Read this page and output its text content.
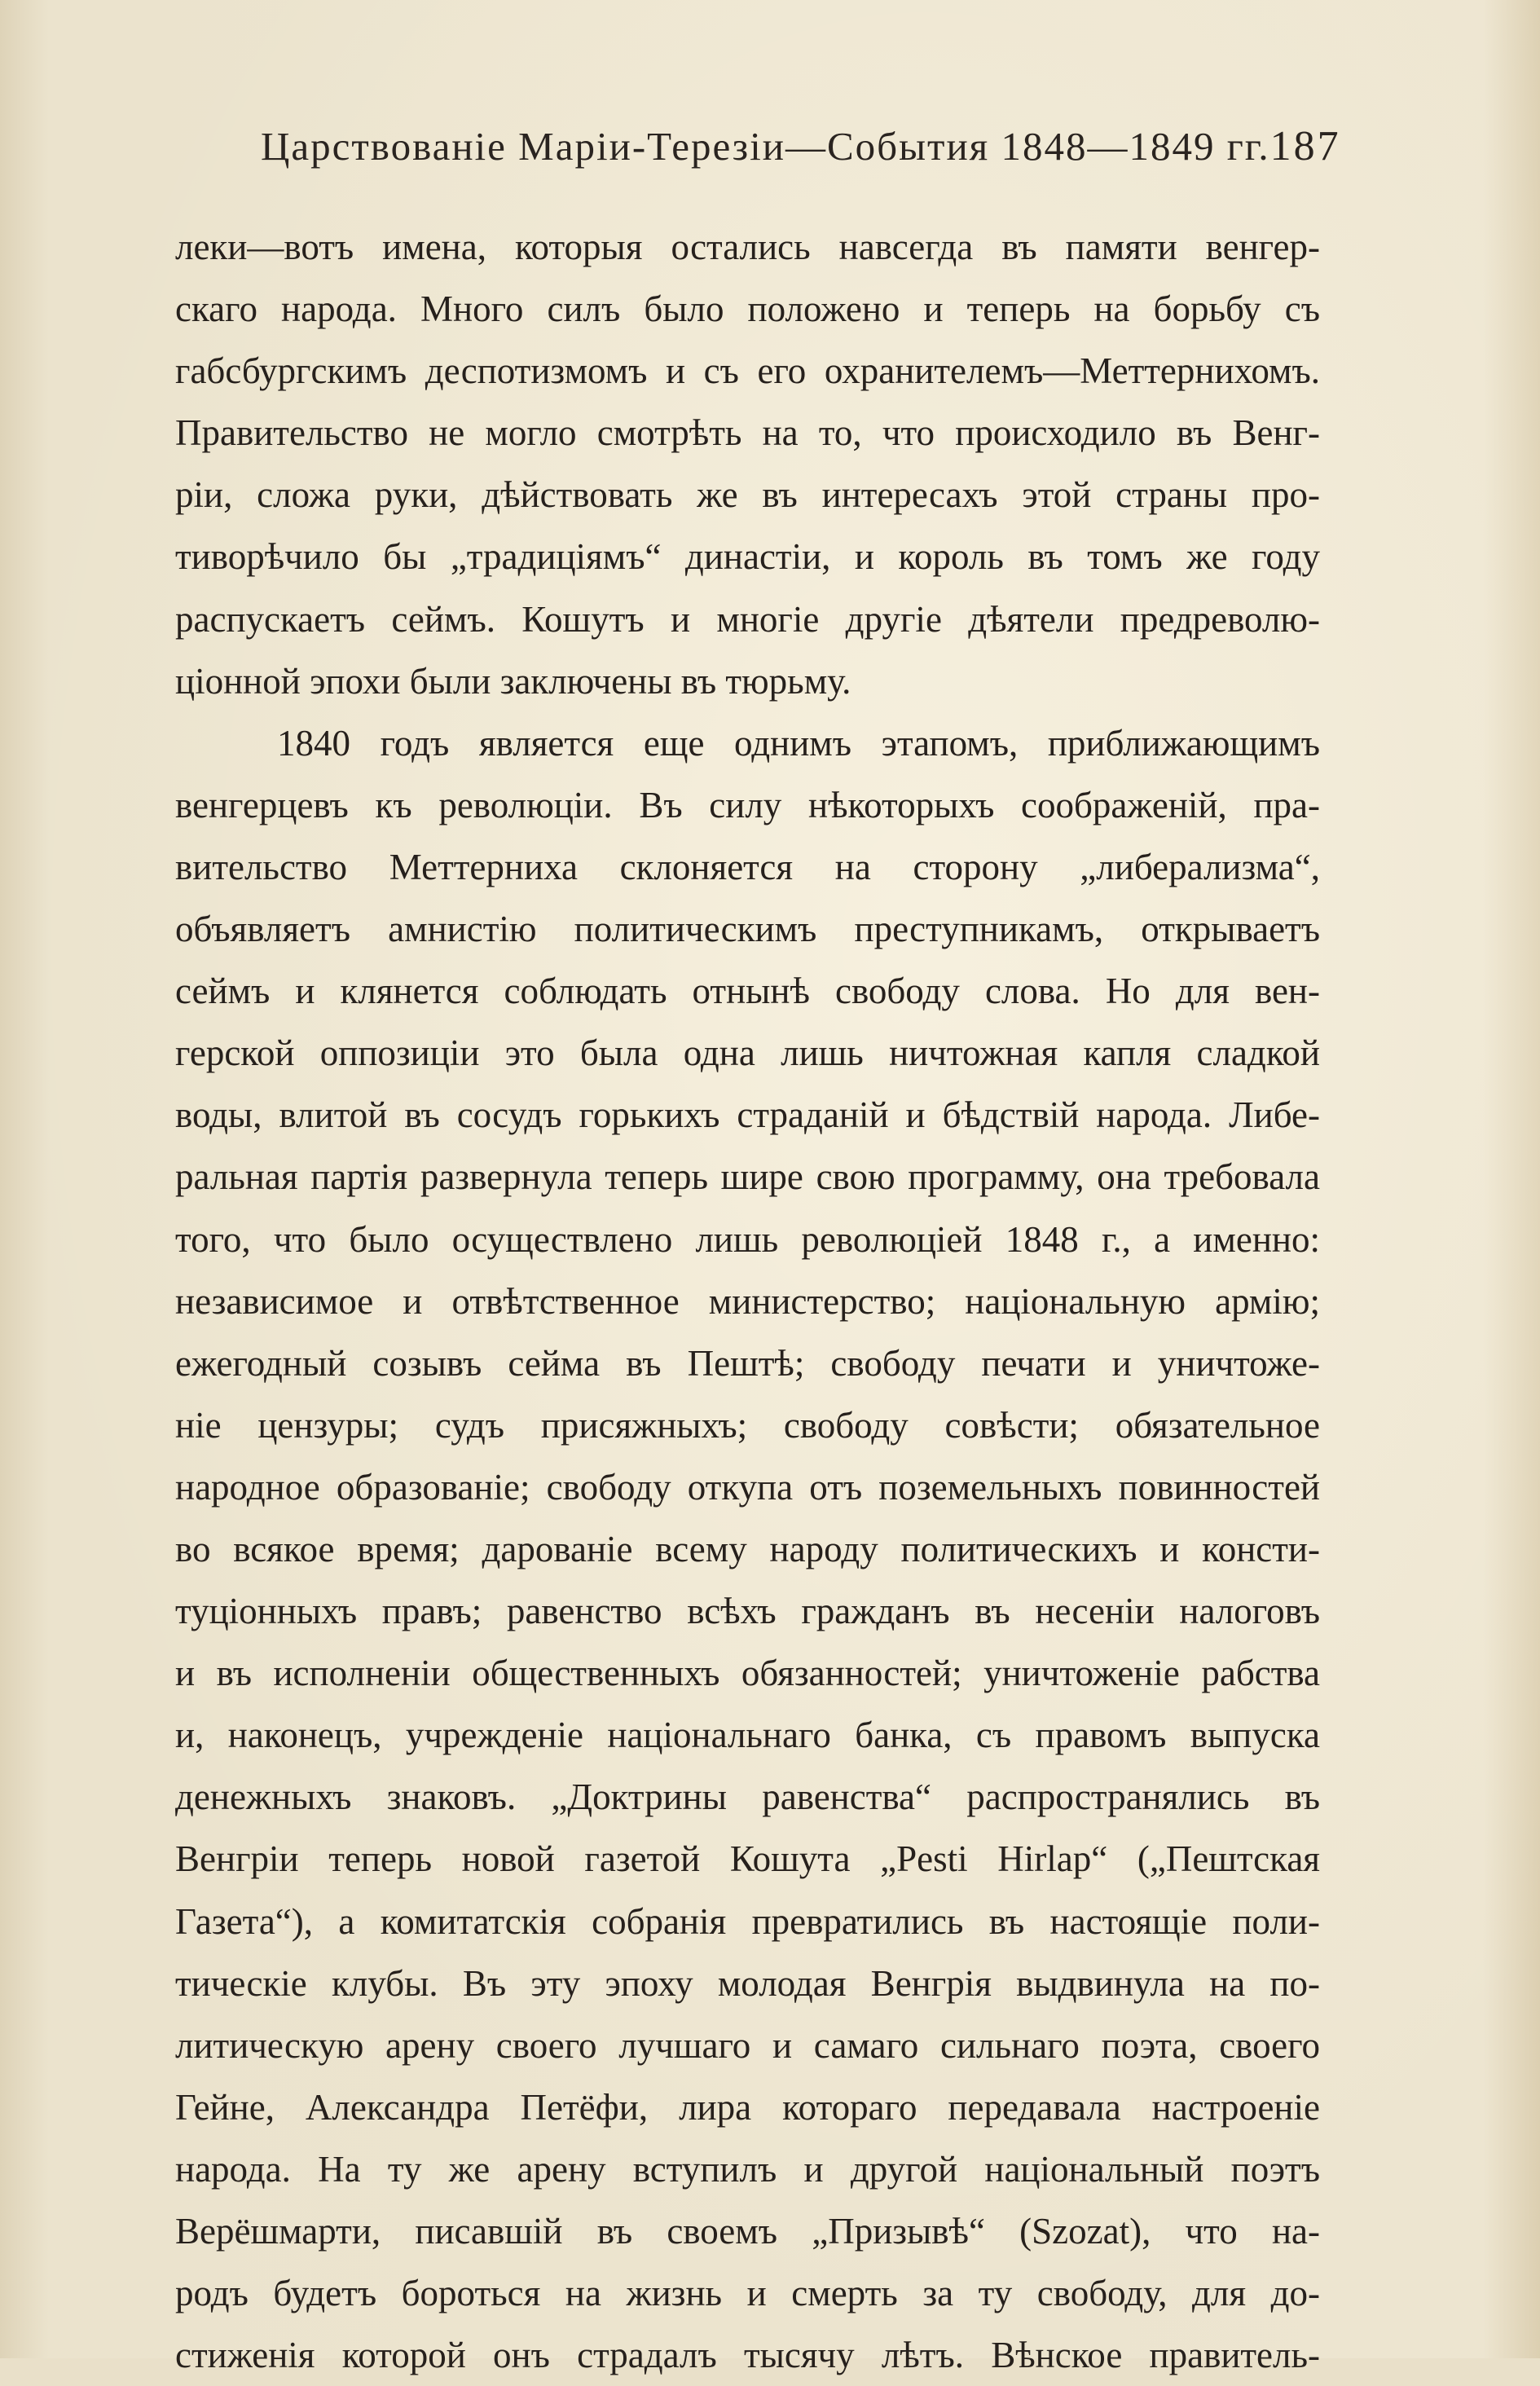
Царствованіе Маріи-Терезіи—События 1848—1849 гг. 187
леки—вотъ имена, которыя остались навсегда въ памяти венгер-
скаго народа. Много силъ было положено и теперь на борьбу съ
габсбургскимъ деспотизмомъ и съ его охранителемъ—Меттернихомъ.
Правительство не могло смотрѣть на то, что происходило въ Венг-
ріи, сложа руки, дѣйствовать же въ интересахъ этой страны про-
тиворѣчило бы „традиціямъ“ династіи, и король въ томъ же году
распускаетъ сеймъ. Кошутъ и многіе другіе дѣятели предреволю-
ціонной эпохи были заключены въ тюрьму.
1840 годъ является еще однимъ этапомъ, приближающимъ
венгерцевъ къ революціи. Въ силу нѣкоторыхъ соображеній, пра-
вительство Меттерниха склоняется на сторону „либерализма“,
объявляетъ амнистію политическимъ преступникамъ, открываетъ
сеймъ и клянется соблюдать отнынѣ свободу слова. Но для вен-
герской оппозиціи это была одна лишь ничтожная капля сладкой
воды, влитой въ сосудъ горькихъ страданій и бѣдствій народа. Либе-
ральная партія развернула теперь шире свою программу, она требовала
того, что было осуществлено лишь революціей 1848 г., а именно:
независимое и отвѣтственное министерство; національную армію;
ежегодный созывъ сейма въ Пештѣ; свободу печати и уничтоже-
ніе цензуры; судъ присяжныхъ; свободу совѣсти; обязательное
народное образованіе; свободу откупа отъ поземельныхъ повинностей
во всякое время; дарованіе всему народу политическихъ и консти-
туціонныхъ правъ; равенство всѣхъ гражданъ въ несеніи налоговъ
и въ исполненіи общественныхъ обязанностей; уничтоженіе рабства
и, наконецъ, учрежденіе національнаго банка, съ правомъ выпуска
денежныхъ знаковъ. „Доктрины равенства“ распространялись въ
Венгріи теперь новой газетой Кошута „Pesti Hirlap“ („Пештская
Газета“), а комитатскія собранія превратились въ настоящіе поли-
тическіе клубы. Въ эту эпоху молодая Венгрія выдвинула на по-
литическую арену своего лучшаго и самаго сильнаго поэта, своего
Гейне, Александра Петёфи, лира котораго передавала настроеніе
народа. На ту же арену вступилъ и другой національный поэтъ
Верёшмарти, писавшій въ своемъ „Призывѣ“ (Szozat), что на-
родъ будетъ бороться на жизнь и смерть за ту свободу, для до-
стиженія которой онъ страдалъ тысячу лѣтъ. Вѣнское правитель-
